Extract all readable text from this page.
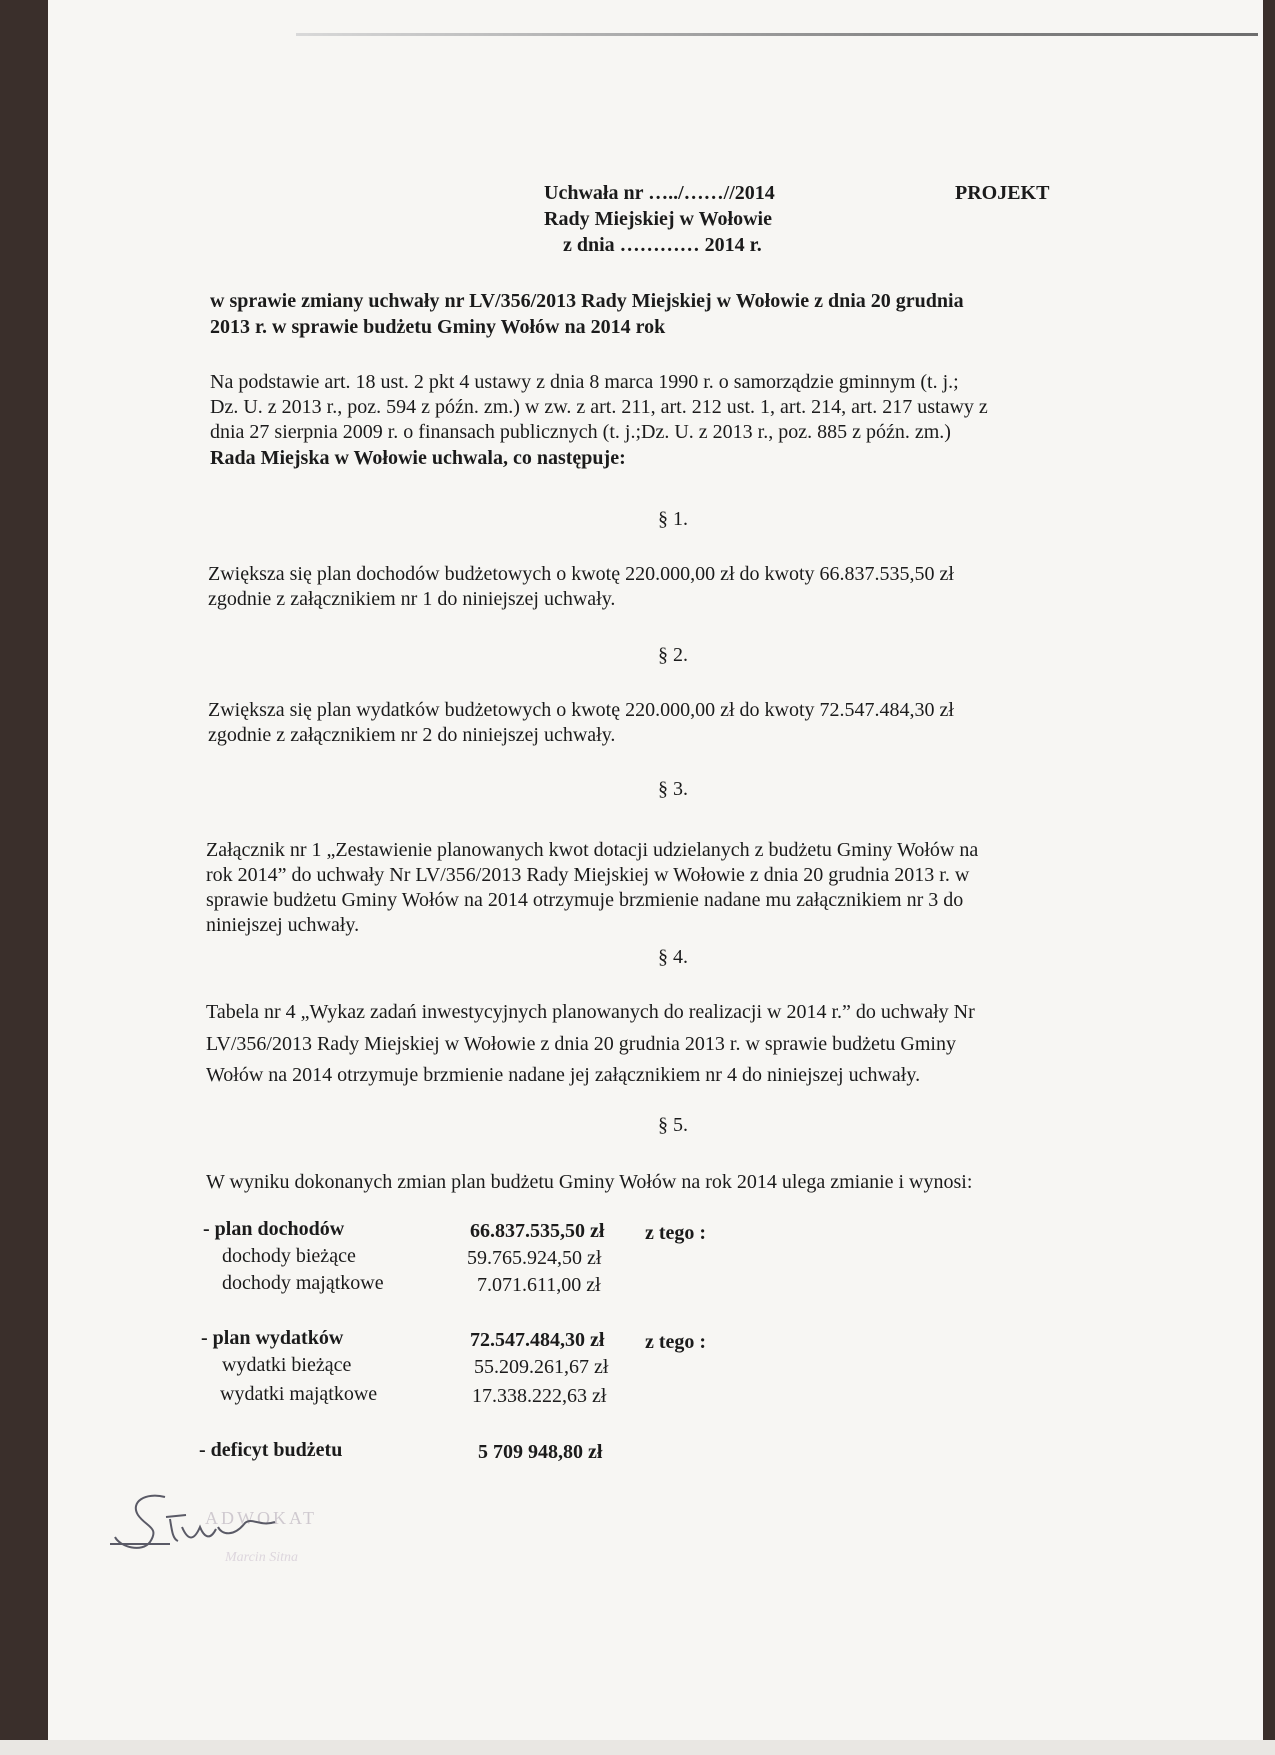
Uchwała nr …../……//2014	PROJEKT
Rady Miejskiej w Wołowie
z dnia ………… 2014 r.
w sprawie zmiany uchwały nr LV/356/2013 Rady Miejskiej w Wołowie z dnia 20 grudnia
2013 r. w sprawie budżetu Gminy Wołów na 2014 rok
Na podstawie art. 18 ust. 2 pkt 4 ustawy z dnia 8 marca 1990 r. o samorządzie gminnym (t. j.;
Dz. U. z 2013 r., poz. 594 z późn. zm.) w zw. z art. 211, art. 212 ust. 1, art. 214, art. 217 ustawy z
dnia 27 sierpnia 2009 r. o finansach publicznych (t. j.;Dz. U. z 2013 r., poz. 885 z późn. zm.)
Rada Miejska w Wołowie uchwala, co następuje:
§ 1.
Zwiększa się plan dochodów budżetowych o kwotę 220.000,00 zł do kwoty 66.837.535,50 zł
zgodnie z załącznikiem nr 1 do niniejszej uchwały.
§ 2.
Zwiększa się plan wydatków budżetowych o kwotę 220.000,00 zł do kwoty 72.547.484,30 zł
zgodnie z załącznikiem nr 2 do niniejszej uchwały.
§ 3.
Załącznik nr 1 „Zestawienie planowanych kwot dotacji udzielanych z budżetu Gminy Wołów na
rok 2014” do uchwały Nr LV/356/2013 Rady Miejskiej w Wołowie z dnia 20 grudnia 2013 r. w
sprawie budżetu Gminy Wołów na 2014 otrzymuje brzmienie nadane mu załącznikiem nr 3 do
niniejszej uchwały.
§ 4.
Tabela nr 4 „Wykaz zadań inwestycyjnych planowanych do realizacji w 2014 r.” do uchwały Nr
LV/356/2013 Rady Miejskiej w Wołowie z dnia 20 grudnia 2013 r. w sprawie budżetu Gminy
Wołów na 2014 otrzymuje brzmienie nadane jej załącznikiem nr 4 do niniejszej uchwały.
§ 5.
W wyniku dokonanych zmian plan budżetu Gminy Wołów na rok 2014 ulega zmianie i wynosi:
- plan dochodów	66.837.535,50 zł z tego :
dochody bieżące	59.765.924,50 zł
dochody majątkowe	7.071.611,00 zł
- plan wydatków	72.547.484,30 zł z tego :
wydatki bieżące	55.209.261,67 zł
wydatki majątkowe	17.338.222,63 zł
- deficyt budżetu	5 709 948,80 zł
ADWOKAT
Marcin Sitna
